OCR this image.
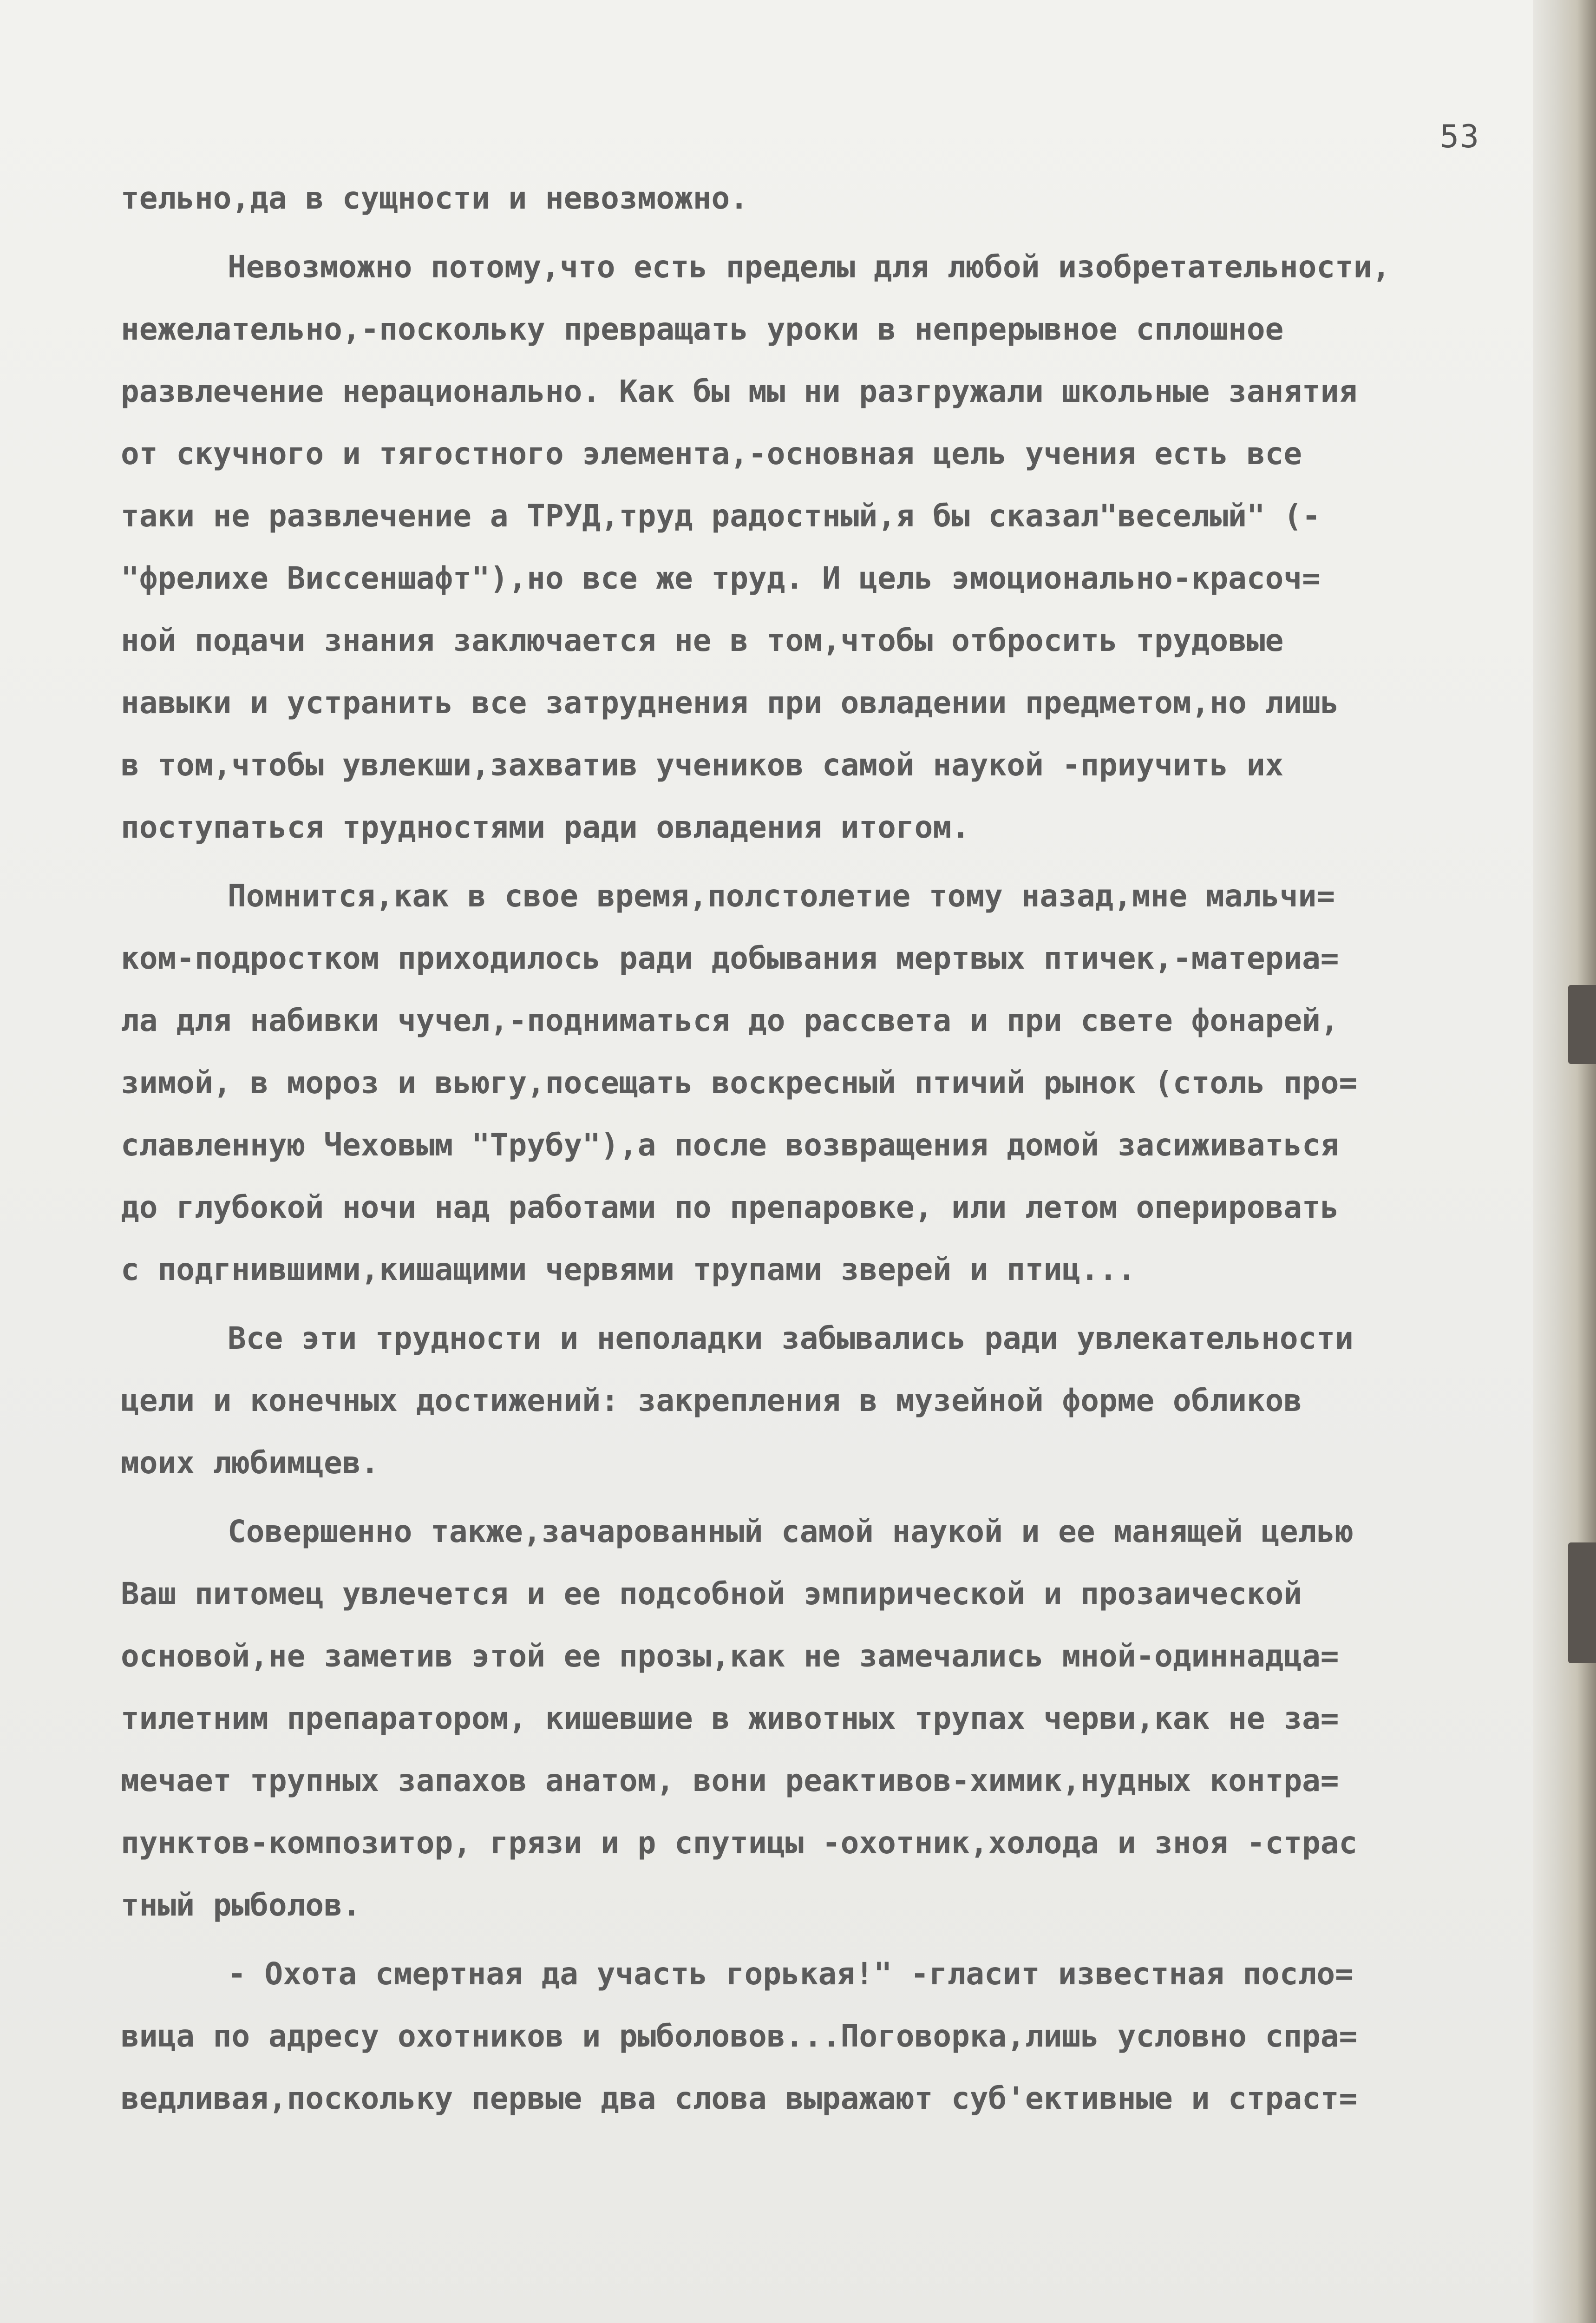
53
тельно,да в сущности и невозможно.
Невозможно потому,что есть пределы для любой изобретательности,
нежелательно,-поскольку превращать уроки в непрерывное сплошное
развлечение нерационально. Как бы мы ни разгружали школьные занятия
от скучного и тягостного элемента,-основная цель учения есть все
таки не развлечение а ТРУД,труд радостный,я бы сказал"веселый" (-
"фрелихе Виссеншафт"),но все же труд. И цель эмоционально-красоч=
ной подачи знания заключается не в том,чтобы отбросить трудовые
навыки и устранить все затруднения при овладении предметом,но лишь
в том,чтобы увлекши,захватив учеников самой наукой -приучить их
поступаться трудностями ради овладения итогом.
Помнится,как в свое время,полстолетие тому назад,мне мальчи=
ком-подростком приходилось ради добывания мертвых птичек,-материа=
ла для набивки чучел,-подниматься до рассвета и при свете фонарей,
зимой, в мороз и вьюгу,посещать воскресный птичий рынок (столь про=
славленную Чеховым "Трубу"),а после возвращения домой засиживаться
до глубокой ночи над работами по препаровке, или летом оперировать
с подгнившими,кишащими червями трупами зверей и птиц...
Все эти трудности и неполадки забывались ради увлекательности
цели и конечных достижений: закрепления в музейной форме обликов
моих любимцев.
Совершенно также,зачарованный самой наукой и ее манящей целью
Ваш питомец увлечется и ее подсобной эмпирической и прозаической
основой,не заметив этой ее прозы,как не замечались мной-одиннадца=
тилетним препаратором, кишевшие в животных трупах черви,как не за=
мечает трупных запахов анатом, вони реактивов-химик,нудных контра=
пунктов-композитор, грязи и р спутицы -охотник,холода и зноя -страс
тный рыболов.
- Охота смертная да участь горькая!" -гласит известная посло=
вица по адресу охотников и рыболовов...Поговорка,лишь условно спра=
ведливая,поскольку первые два слова выражают суб'ективные и страст=
